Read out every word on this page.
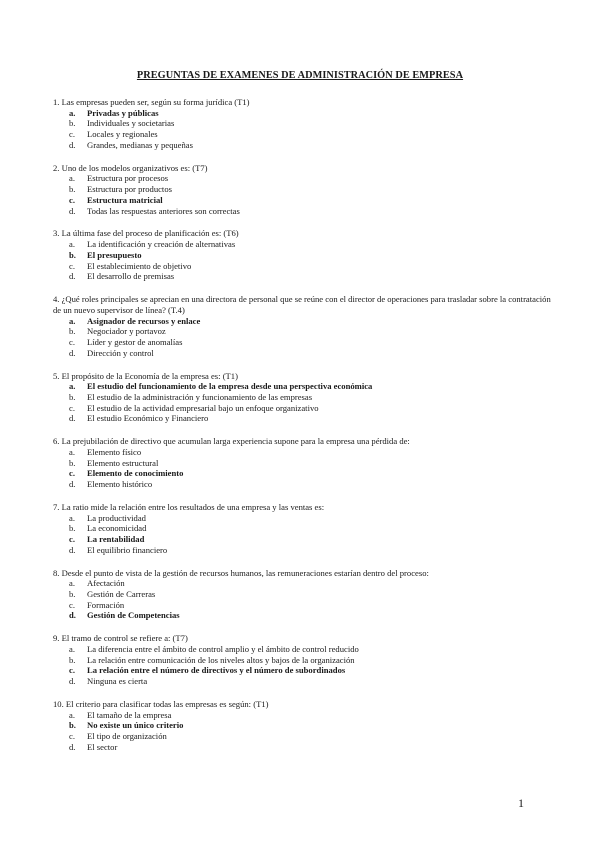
PREGUNTAS DE EXAMENES DE ADMINISTRACIÓN DE EMPRESA
1. Las empresas pueden ser, según su forma jurídica (T1)
a. Privadas y públicas
b. Individuales y societarias
c. Locales y regionales
d. Grandes, medianas y pequeñas
2. Uno de los modelos organizativos es: (T7)
a. Estructura por procesos
b. Estructura por productos
c. Estructura matricial
d. Todas las respuestas anteriores son correctas
3. La última fase del proceso de planificación es: (T6)
a. La identificación y creación de alternativas
b. El presupuesto
c. El establecimiento de objetivo
d. El desarrollo de premisas
4. ¿Qué roles principales se aprecian en una directora de personal que se reúne con el director de operaciones para trasladar sobre la contratación de un nuevo supervisor de línea? (T.4)
a. Asignador de recursos y enlace
b. Negociador y portavoz
c. Líder y gestor de anomalías
d. Dirección y control
5. El propósito de la Economía de la empresa es: (T1)
a. El estudio del funcionamiento de la empresa desde una perspectiva económica
b. El estudio de la administración y funcionamiento de las empresas
c. El estudio de la actividad empresarial bajo un enfoque organizativo
d. El estudio Económico y Financiero
6. La prejubilación de directivo que acumulan larga experiencia supone para la empresa una pérdida de:
a. Elemento físico
b. Elemento estructural
c. Elemento de conocimiento
d. Elemento histórico
7. La ratio mide la relación entre los resultados de una empresa y las ventas es:
a. La productividad
b. La economicidad
c. La rentabilidad
d. El equilibrio financiero
8. Desde el punto de vista de la gestión de recursos humanos, las remuneraciones estarían dentro del proceso:
a. Afectación
b. Gestión de Carreras
c. Formación
d. Gestión de Competencias
9. El tramo de control se refiere a: (T7)
a. La diferencia entre el ámbito de control amplio y el ámbito de control reducido
b. La relación entre comunicación de los niveles altos y bajos de la organización
c. La relación entre el número de directivos y el número de subordinados
d. Ninguna es cierta
10. El criterio para clasificar todas las empresas es según: (T1)
a. El tamaño de la empresa
b. No existe un único criterio
c. El tipo de organización
d. El sector
1
